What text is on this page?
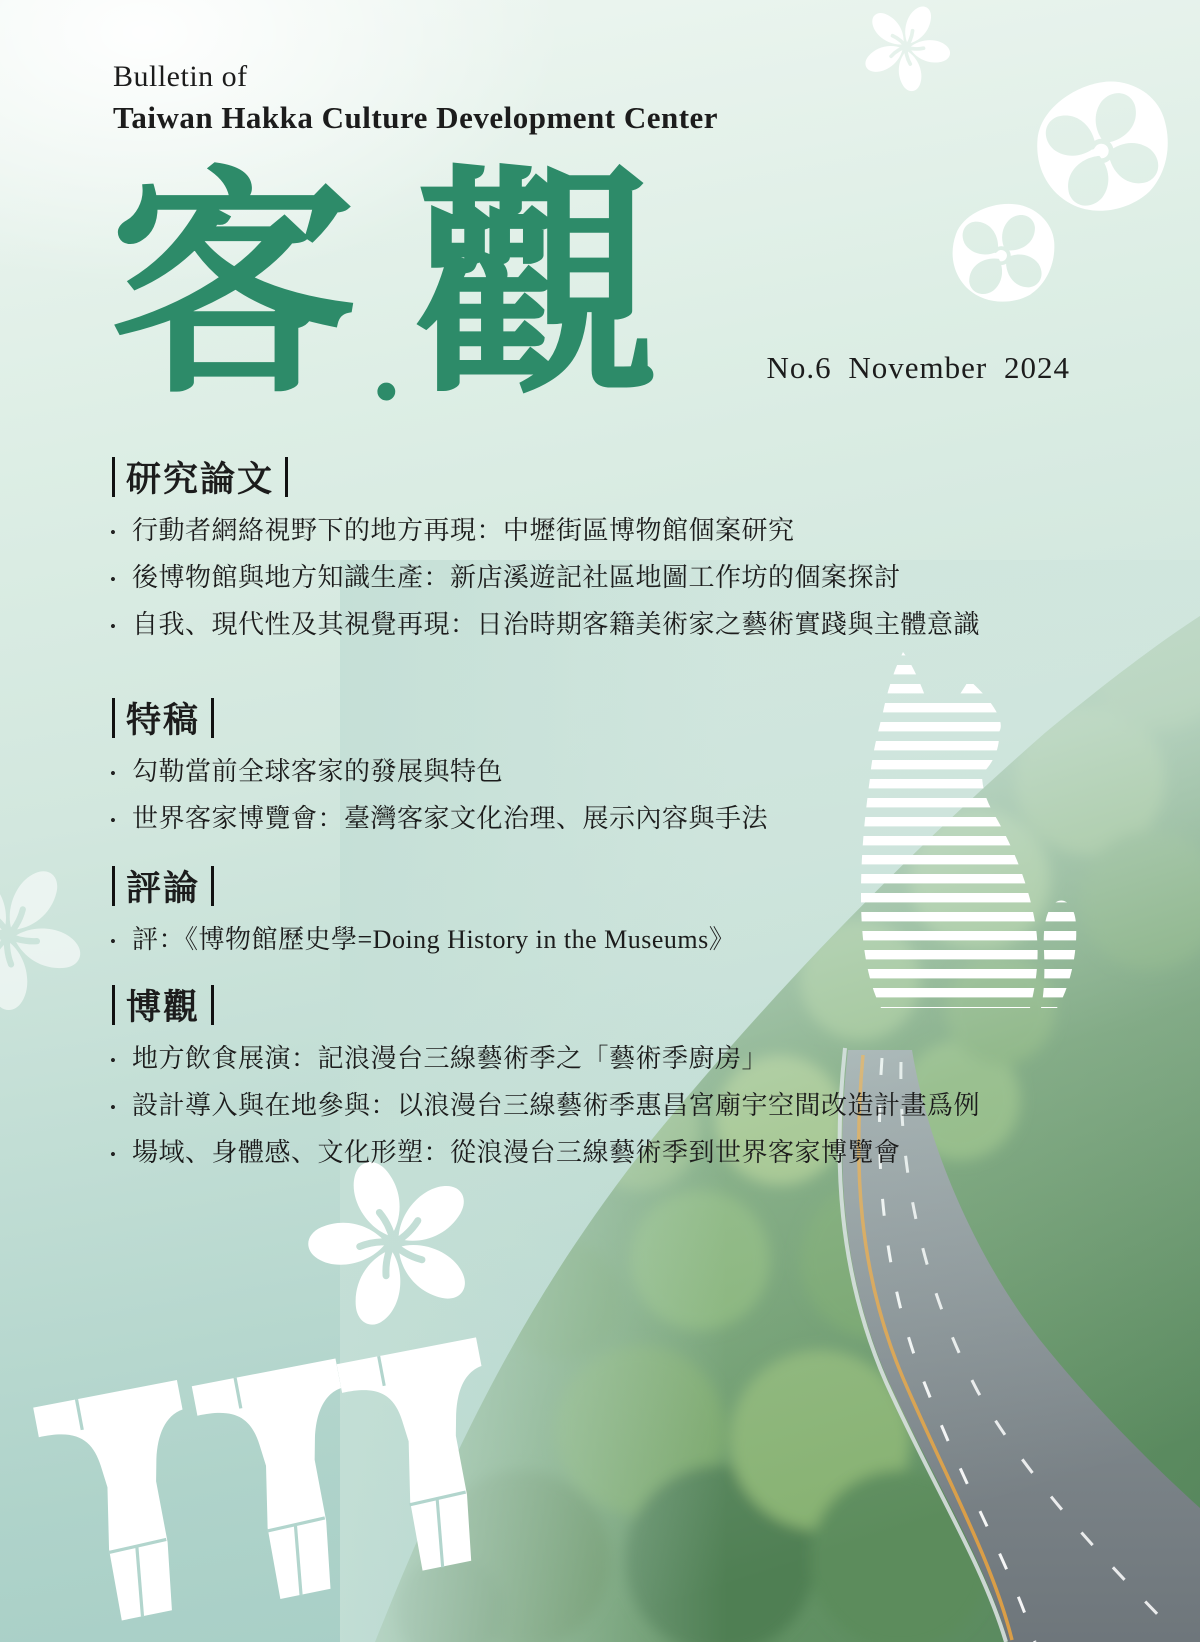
Bulletin of
Taiwan Hakka Culture Development Center
客 · 觀	No.6 November 2024
研究論文
• 行動者網絡視野下的地方再現：中壢街區博物館個案研究
• 後博物館與地方知識生產：新店溪遊記社區地圖工作坊的個案探討
• 自我、現代性及其視覺再現：日治時期客籍美術家之藝術實踐與主體意識
特稿
• 勾勒當前全球客家的發展與特色
• 世界客家博覽會：臺灣客家文化治理、展示內容與手法
評論
• 評：《博物館歷史學=Doing History in the Museums》
博觀
• 地方飲食展演：記浪漫台三線藝術季之「藝術季廚房」
• 設計導入與在地參與：以浪漫台三線藝術季惠昌宮廟宇空間改造計畫爲例
• 場域、身體感、文化形塑：從浪漫台三線藝術季到世界客家博覽會
